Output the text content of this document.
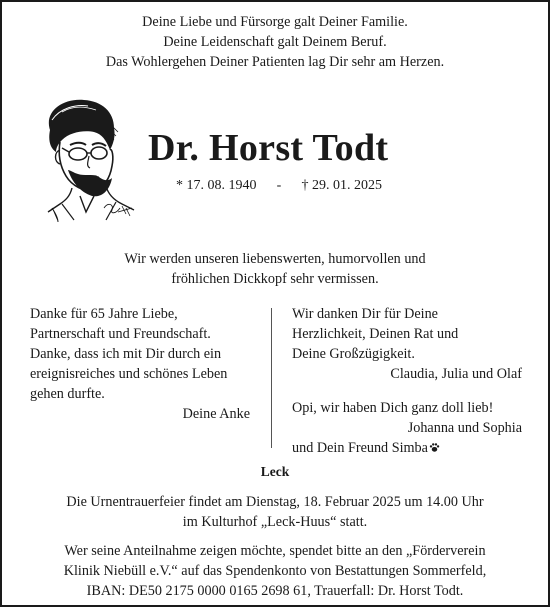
Deine Liebe und Fürsorge galt Deiner Familie.
Deine Leidenschaft galt Deinem Beruf.
Das Wohlergehen Deiner Patienten lag Dir sehr am Herzen.
Dr. Horst Todt
* 17. 08. 1940 - † 29. 01. 2025
Wir werden unseren liebenswerten, humorvollen und
fröhlichen Dickkopf sehr vermissen.
Danke für 65 Jahre Liebe,
Partnerschaft und Freundschaft.
Danke, dass ich mit Dir durch ein
ereignisreiches und schönes Leben
gehen durfte.
Deine Anke
Wir danken Dir für Deine
Herzlichkeit, Deinen Rat und
Deine Großzügigkeit.
Claudia, Julia und Olaf
Opi, wir haben Dich ganz doll lieb!
Johanna und Sophia
und Dein Freund Simba
Leck
Die Urnentrauerfeier findet am Dienstag, 18. Februar 2025 um 14.00 Uhr
im Kulturhof „Leck-Huus“ statt.
Wer seine Anteilnahme zeigen möchte, spendet bitte an den „Förderverein
Klinik Niebüll e.V.“ auf das Spendenkonto von Bestattungen Sommerfeld,
IBAN: DE50 2175 0000 0165 2698 61, Trauerfall: Dr. Horst Todt.
